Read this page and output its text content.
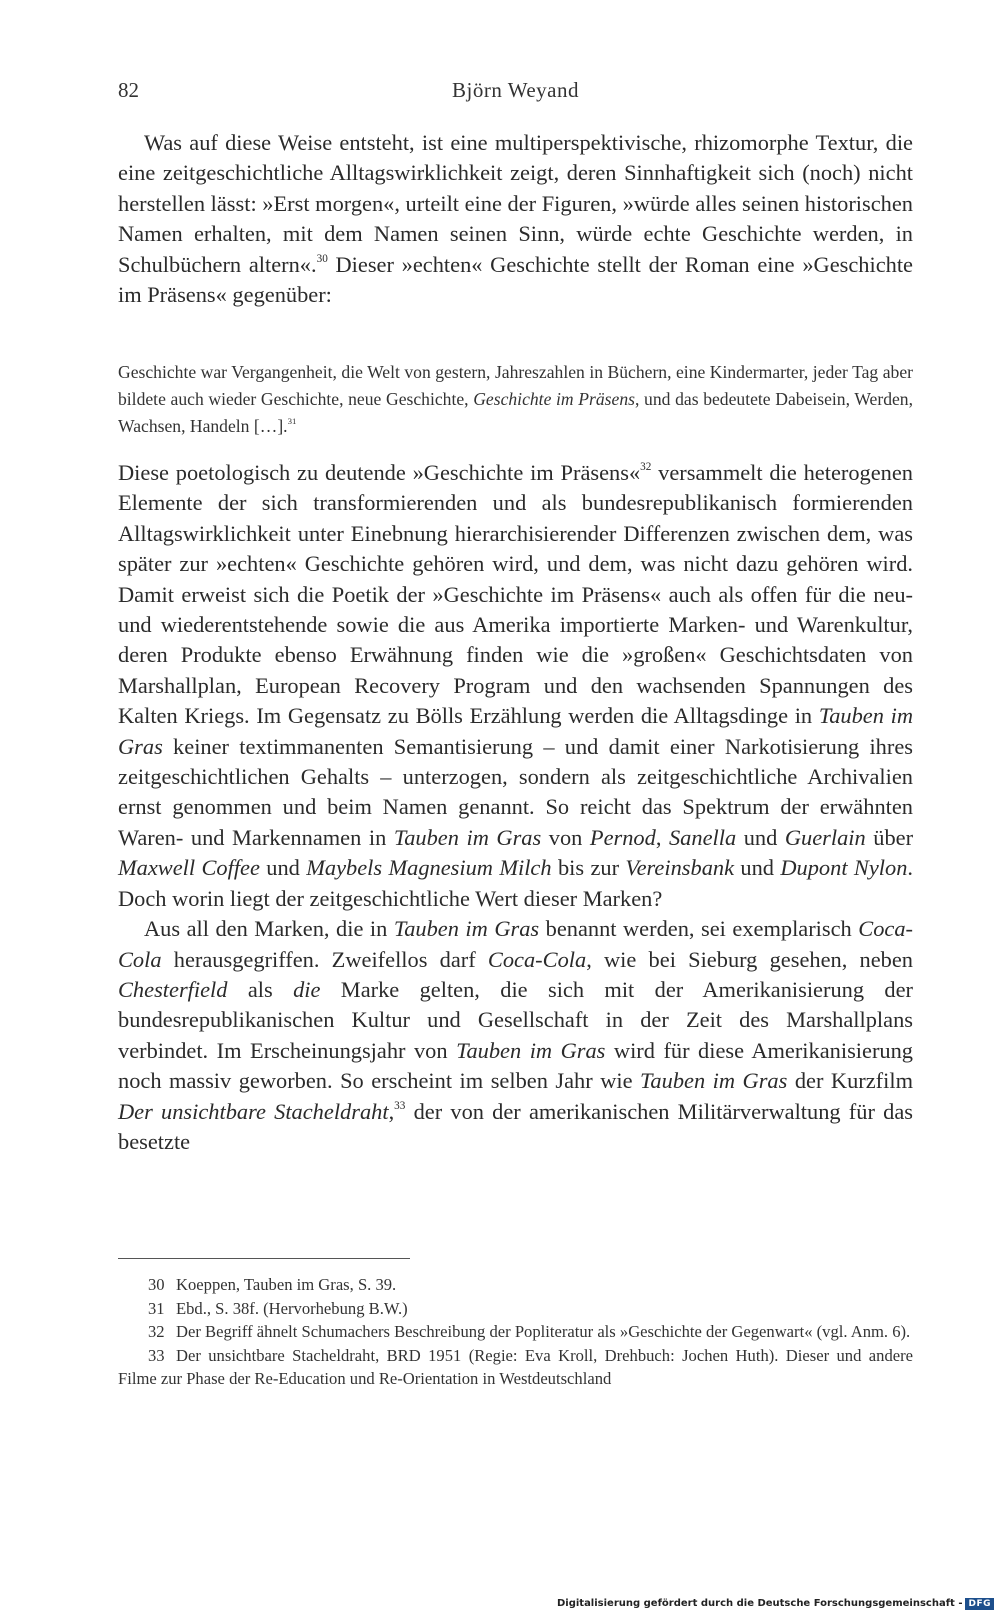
82	Björn Weyand

Was auf diese Weise entsteht, ist eine multiperspektivische, rhizomorphe Textur, die eine zeitgeschichtliche Alltagswirklichkeit zeigt, deren Sinnhaftigkeit sich (noch) nicht herstellen lässt: »Erst morgen«, urteilt eine der Figuren, »würde alles seinen historischen Namen erhalten, mit dem Namen seinen Sinn, würde echte Geschichte werden, in Schulbüchern altern«.$^{30}$ Dieser »echten« Geschichte stellt der Roman eine »Geschichte im Präsens« gegenüber:

Geschichte war Vergangenheit, die Welt von gestern, Jahreszahlen in Büchern, eine Kindermarter, jeder Tag aber bildete auch wieder Geschichte, neue Geschichte, Geschichte im Präsens, und das bedeutete Dabeisein, Werden, Wachsen, Handeln […].$^{31}$

Diese poetologisch zu deutende »Geschichte im Präsens«$^{32}$ versammelt die heterogenen Elemente der sich transformierenden und als bundesrepublikanisch formierenden Alltagswirklichkeit unter Einebnung hierarchisierender Differenzen zwischen dem, was später zur »echten« Geschichte gehören wird, und dem, was nicht dazu gehören wird. Damit erweist sich die Poetik der »Geschichte im Präsens« auch als offen für die neu- und wiederentstehende sowie die aus Amerika importierte Marken- und Warenkultur, deren Produkte ebenso Erwähnung finden wie die »großen« Geschichtsdaten von Marshallplan, European Recovery Program und den wachsenden Spannungen des Kalten Kriegs. Im Gegensatz zu Bölls Erzählung werden die Alltagsdinge in Tauben im Gras keiner textimmanenten Semantisierung – und damit einer Narkotisierung ihres zeitgeschichtlichen Gehalts – unterzogen, sondern als zeitgeschichtliche Archivalien ernst genommen und beim Namen genannt. So reicht das Spektrum der erwähnten Waren- und Markennamen in Tauben im Gras von Pernod, Sanella und Guerlain über Maxwell Coffee und Maybels Magnesium Milch bis zur Vereinsbank und Dupont Nylon. Doch worin liegt der zeitgeschichtliche Wert dieser Marken?

Aus all den Marken, die in Tauben im Gras benannt werden, sei exemplarisch Coca-Cola herausgegriffen. Zweifellos darf Coca-Cola, wie bei Sieburg gesehen, neben Chesterfield als die Marke gelten, die sich mit der Amerikanisierung der bundesrepublikanischen Kultur und Gesellschaft in der Zeit des Marshallplans verbindet. Im Erscheinungsjahr von Tauben im Gras wird für diese Amerikanisierung noch massiv geworben. So erscheint im selben Jahr wie Tauben im Gras der Kurzfilm Der unsichtbare Stacheldraht,$^{33}$ der von der amerikanischen Militärverwaltung für das besetzte

30 Koeppen, Tauben im Gras, S. 39.

31 Ebd., S. 38f. (Hervorhebung B.W.)

32 Der Begriff ähnelt Schumachers Beschreibung der Popliteratur als »Geschichte der Gegenwart« (vgl. Anm. 6).

33 Der unsichtbare Stacheldraht, BRD 1951 (Regie: Eva Kroll, Drehbuch: Jochen Huth). Dieser und andere Filme zur Phase der Re-Education und Re-Orientation in Westdeutschland

Digitalisierung gefördert durch die Deutsche Forschungsgemeinschaft - DFG
